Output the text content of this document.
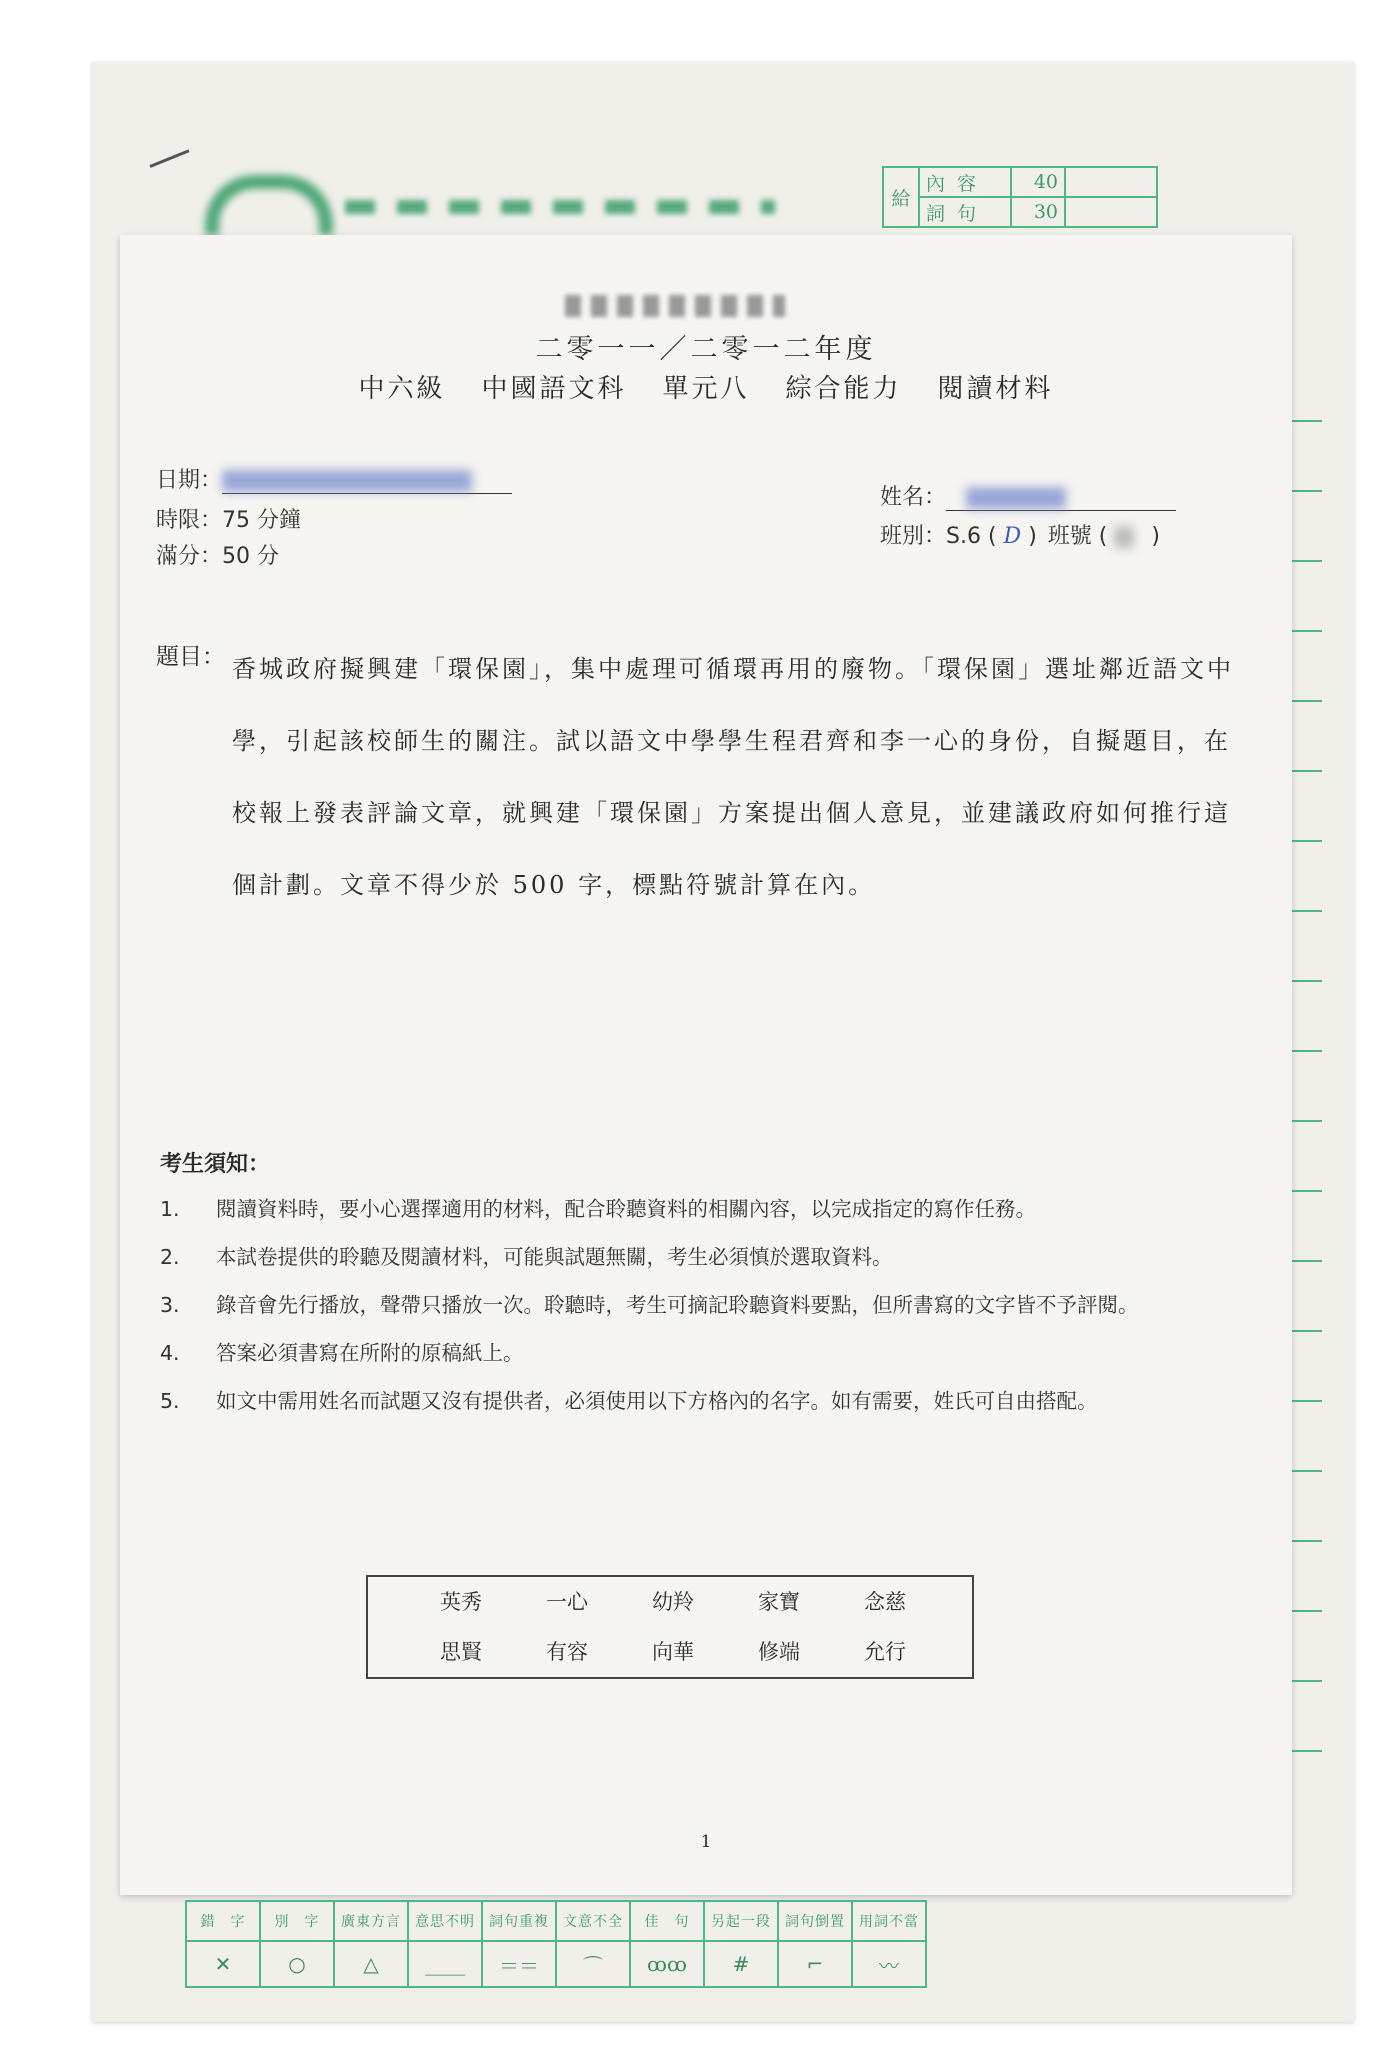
給	內容	40	
	詞句	30	
二零一一／二零一二年度
中六級 中國語文科 單元八 綜合能力 閱讀材料
日期：
時限：75 分鐘
滿分：50 分
姓名：
班別：S.6 ( D ) 班號 ( )
題目： 香城政府擬興建「環保園」，集中處理可循環再用的廢物。「環保園」選址鄰近語文中學，引起該校師生的關注。試以語文中學學生程君齊和李一心的身份，自擬題目，在校報上發表評論文章，就興建「環保園」方案提出個人意見，並建議政府如何推行這個計劃。文章不得少於 500 字，標點符號計算在內。
考生須知：
1.	閱讀資料時，要小心選擇適用的材料，配合聆聽資料的相關內容，以完成指定的寫作任務。
2.	本試卷提供的聆聽及閱讀材料，可能與試題無關，考生必須慎於選取資料。
3.	錄音會先行播放，聲帶只播放一次。聆聽時，考生可摘記聆聽資料要點，但所書寫的文字皆不予評閱。
4.	答案必須書寫在所附的原稿紙上。
5.	如文中需用姓名而試題又沒有提供者，必須使用以下方格內的名字。如有需要，姓氏可自由搭配。
英秀	一心	幼羚	家寶	念慈
思賢	有容	向華	修端	允行
1
錯　字	別　字	廣東方言	意思不明	詞句重複	文意不全	佳　句	另起一段	詞句倒置	用詞不當
✕	○	△	＿＿	＝＝	⌒	ꝏꝏ	#	⌐	〰
